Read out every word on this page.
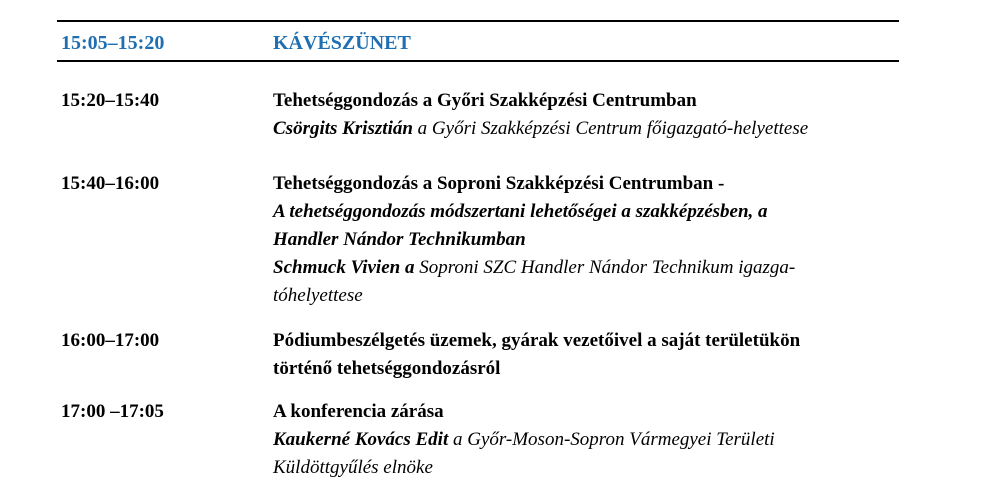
15:05–15:20	KÁVÉSZÜNET
15:20–15:40	Tehetséggondozás a Győri Szakképzési Centrumban
Csörgits Krisztián a Győri Szakképzési Centrum főigazgató-helyettese
15:40–16:00	Tehetséggondozás a Soproni Szakképzési Centrumban -
A tehetséggondozás módszertani lehetőségei a szakképzésben, a
Handler Nándor Technikumban
Schmuck Vivien a Soproni SZC Handler Nándor Technikum igazga-
tóhelyettese
16:00–17:00	Pódiumbeszélgetés üzemek, gyárak vezetőivel a saját területükön
történő tehetséggondozásról
17:00 –17:05	A konferencia zárása
Kaukerné Kovács Edit a Győr-Moson-Sopron Vármegyei Területi
Küldöttgyűlés elnöke
